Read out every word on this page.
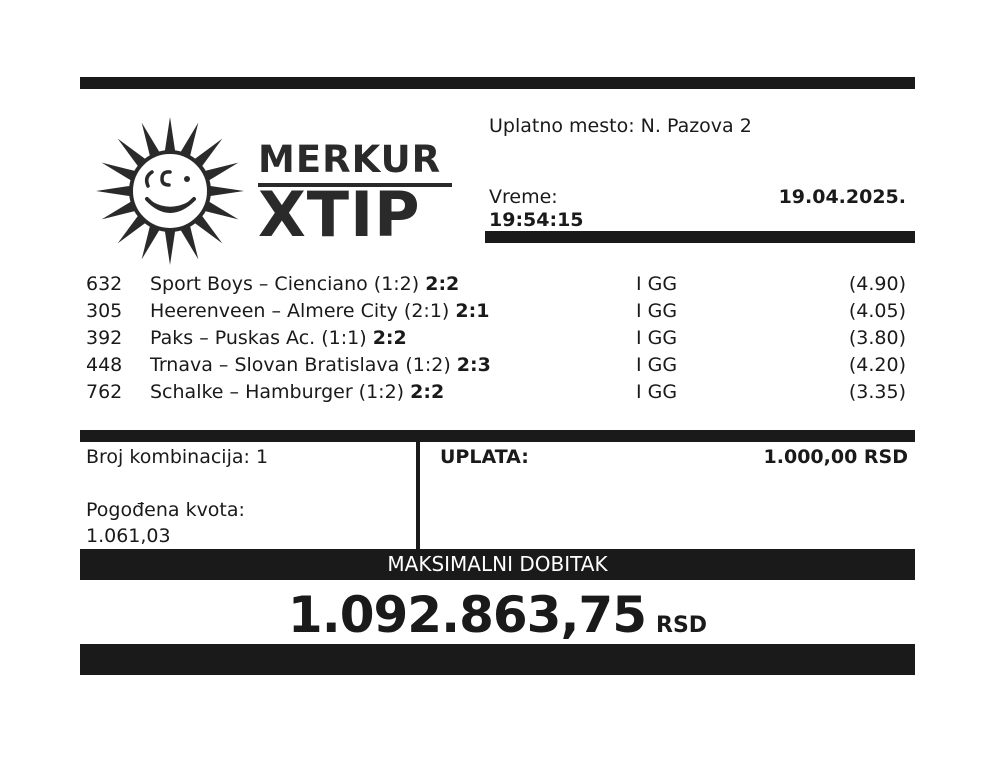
MERKUR
XTIP
Uplatno mesto: N. Pazova 2
Vreme:	19.04.2025.
19:54:15
632 Sport Boys – Cienciano (1:2) 2:2	I GG	(4.90)
305 Heerenveen – Almere City (2:1) 2:1	I GG	(4.05)
392 Paks – Puskas Ac. (1:1) 2:2	I GG	(3.80)
448 Trnava – Slovan Bratislava (1:2) 2:3	I GG	(4.20)
762 Schalke – Hamburger (1:2) 2:2	I GG	(3.35)
Broj kombinacija: 1
Pogođena kvota:
1.061,03
UPLATA:	1.000,00 RSD
MAKSIMALNI DOBITAK
1.092.863,75 RSD
